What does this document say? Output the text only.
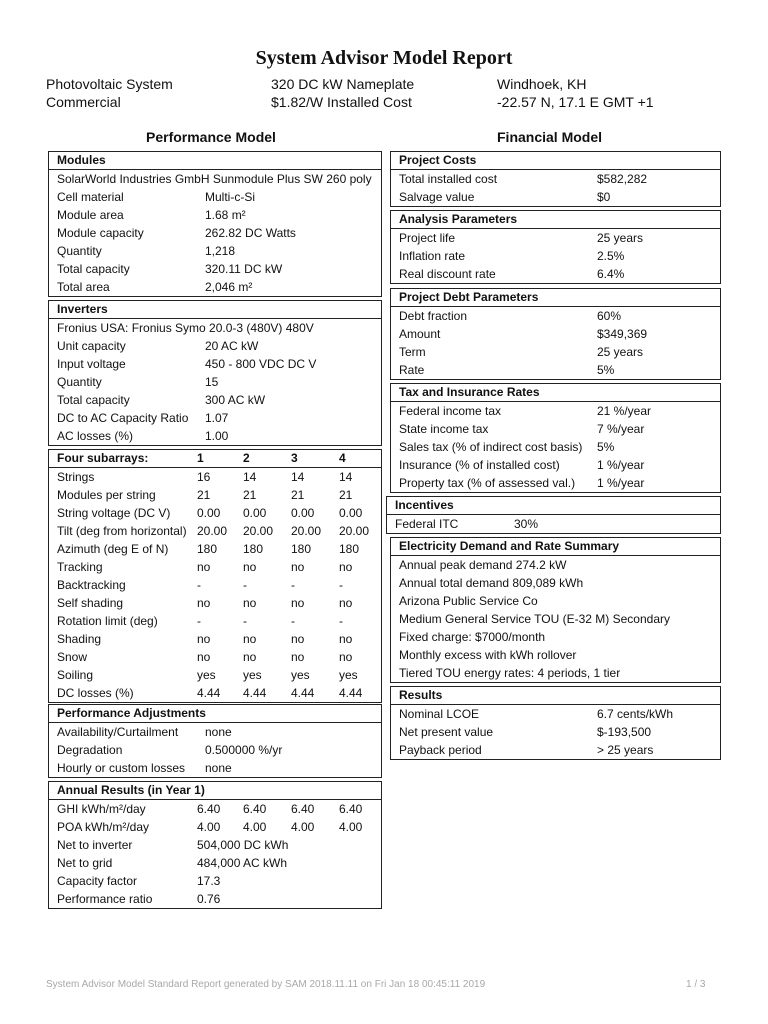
System Advisor Model Report
Photovoltaic System
Commercial
320 DC kW Nameplate
$1.82/W Installed Cost
Windhoek, KH
-22.57 N, 17.1 E GMT +1
Performance Model	Financial Model
Modules
SolarWorld Industries GmbH Sunmodule Plus SW 260 poly
Cell material	Multi-c-Si
Module area	1.68 m²
Module capacity	262.82 DC Watts
Quantity	1,218
Total capacity	320.11 DC kW
Total area	2,046 m²
Inverters
Fronius USA: Fronius Symo 20.0-3 (480V) 480V
Unit capacity	20 AC kW
Input voltage	450 - 800 VDC DC V
Quantity	15
Total capacity	300 AC kW
DC to AC Capacity Ratio 1.07
AC losses (%)	1.00
Four subarrays:	1	2	3	4
Strings	16	14	14	14
Modules per string	21	21	21	21
String voltage (DC V) 0.00 0.00 0.00 0.00
Tilt (deg from horizontal) 20.00 20.00 20.00 20.00
Azimuth (deg E of N) 180 180 180 180
Tracking	no	no	no	no
Backtracking	-	-	-	-
Self shading	no	no	no	no
Rotation limit (deg)	-	-	-	-
Shading	no	no	no	no
Snow	no	no	no	no
Soiling	yes yes yes yes
DC losses (%)	4.44 4.44 4.44 4.44
Performance Adjustments
Availability/Curtailment none
Degradation	0.500000 %/yr
Hourly or custom losses none
Annual Results (in Year 1)
GHI kWh/m²/day	6.40 6.40 6.40 6.40
POA kWh/m²/day	4.00 4.00 4.00 4.00
Net to inverter	504,000 DC kWh
Net to grid	484,000 AC kWh
Capacity factor	17.3
Performance ratio	0.76
Project Costs
Total installed cost	$582,282
Salvage value	$0
Analysis Parameters
Project life	25 years
Inflation rate	2.5%
Real discount rate	6.4%
Project Debt Parameters
Debt fraction	60%
Amount	$349,369
Term	25 years
Rate	5%
Tax and Insurance Rates
Federal income tax	21 %/year
State income tax	7 %/year
Sales tax (% of indirect cost basis) 5%
Insurance (% of installed cost)	1 %/year
Property tax (% of assessed val.) 1 %/year
Incentives
Federal ITC	30%
Electricity Demand and Rate Summary
Annual peak demand 274.2 kW
Annual total demand 809,089 kWh
Arizona Public Service Co
Medium General Service TOU (E-32 M) Secondary
Fixed charge: $7000/month
Monthly excess with kWh rollover
Tiered TOU energy rates: 4 periods, 1 tier
Results
Nominal LCOE	6.7 cents/kWh
Net present value	$-193,500
Payback period	> 25 years
System Advisor Model Standard Report generated by SAM 2018.11.11 on Fri Jan 18 00:45:11 2019	1 / 3
